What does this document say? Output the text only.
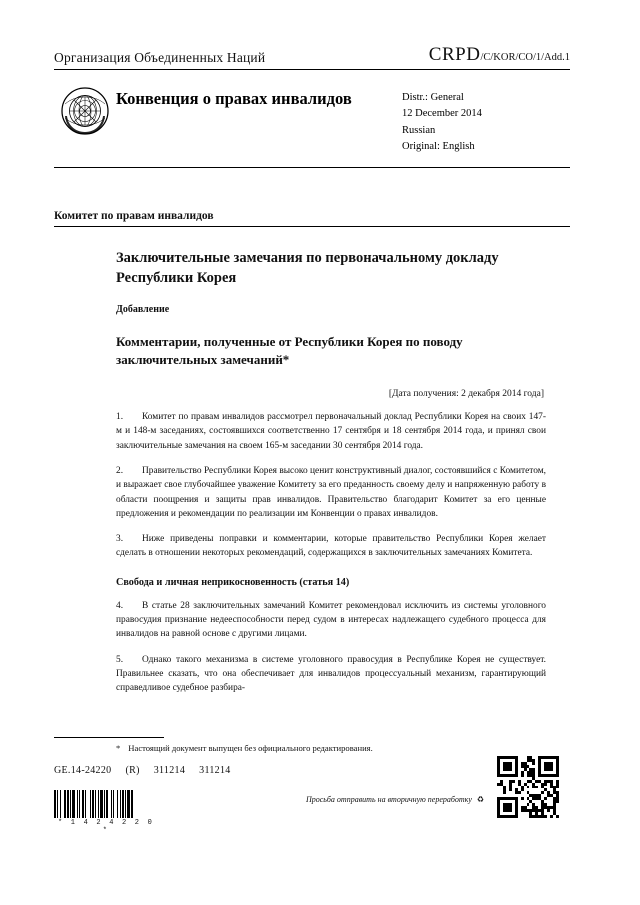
Организация Объединенных Наций	CRPD/C/KOR/CO/1/Add.1
Конвенция о правах инвалидов	Distr.: General
12 December 2014
Russian
Original: English
Комитет по правам инвалидов
Заключительные замечания по первоначальному докладу Республики Корея
Добавление
Комментарии, полученные от Республики Корея по поводу заключительных замечаний*
[Дата получения: 2 декабря 2014 года]

1. Комитет по правам инвалидов рассмотрел первоначальный доклад Республики Корея на своих 147-м и 148-м заседаниях, состоявшихся соответственно 17 сентября и 18 сентября 2014 года, и принял свои заключительные замечания на своем 165-м заседании 30 сентября 2014 года.

2. Правительство Республики Корея высоко ценит конструктивный диалог, состоявшийся с Комитетом, и выражает свое глубочайшее уважение Комитету за его преданность своему делу и напряженную работу в области поощрения и защиты прав инвалидов. Правительство благодарит Комитет за его ценные предложения и рекомендации по реализации им Конвенции о правах инвалидов.

3. Ниже приведены поправки и комментарии, которые правительство Республики Корея желает сделать в отношении некоторых рекомендаций, содержащихся в заключительных замечаниях Комитета.

Свобода и личная неприкосновенность (статья 14)

4. В статье 28 заключительных замечаний Комитет рекомендовал исключить из системы уголовного правосудия признание недееспособности перед судом в интересах надлежащего судебного процесса для инвалидов на равной основе с другими лицами.

5. Однако такого механизма в системе уголовного правосудия в Республике Корея не существует. Правильнее сказать, что она обеспечивает для инвалидов процессуальный механизм, гарантирующий справедливое судебное разбира-

* Настоящий документ выпущен без официального редактирования.
GE.14-24220 (R) 311214 311214
* 1 4 2 4 2 2 0 *
Просьба отправить на вторичную переработку ♻
